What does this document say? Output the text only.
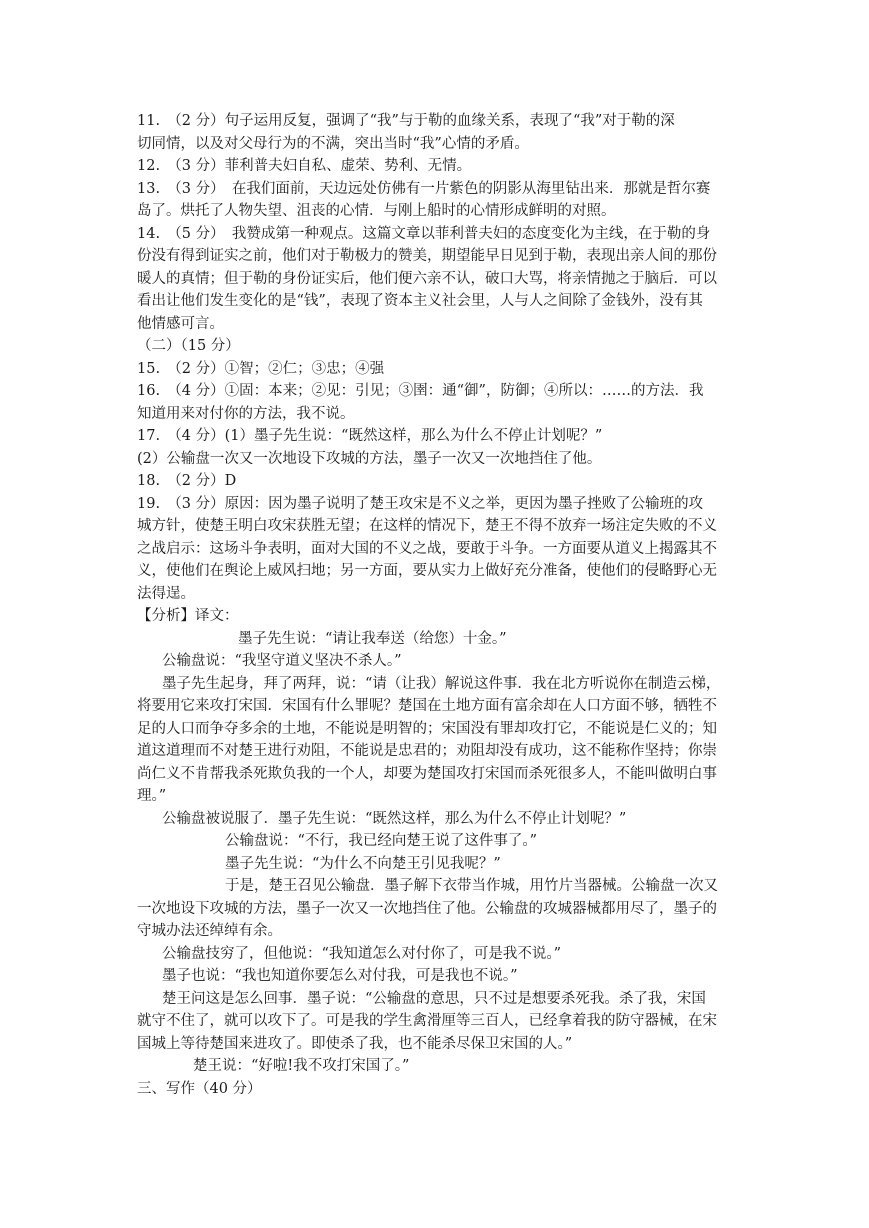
11.　（2 分）句子运用反复，强调了“我”与于勒的血缘关系，表现了“我”对于勒的深
切同情，以及对父母行为的不满，突出当时“我”心情的矛盾。
12.　（3 分）菲利普夫妇自私、虚荣、势利、无情。
13.　（3 分）　在我们面前，天边远处仿佛有一片紫色的阴影从海里钻出来．那就是哲尔赛
岛了。烘托了人物失望、沮丧的心情．与刚上船时的心情形成鲜明的对照。
14.　（5 分）　我赞成第一种观点。这篇文章以菲利普夫妇的态度变化为主线，在于勒的身
份没有得到证实之前，他们对于勒极力的赞美，期望能早日见到于勒，表现出亲人间的那份
暖人的真情；但于勒的身份证实后，他们便六亲不认，破口大骂，将亲情抛之于脑后．可以
看出让他们发生变化的是“钱”，表现了资本主义社会里，人与人之间除了金钱外，没有其
他情感可言。
（二）（15 分）
15.　（2 分）①智；②仁；③忠；④强
16.　（4 分）①固：本来；②见：引见；③圉：通“御”，防御；④所以：……的方法．我
知道用来对付你的方法，我不说。
17.　（4 分）(1）墨子先生说：“既然这样，那么为什么不停止计划呢？”
(2）公输盘一次又一次地设下攻城的方法，墨子一次又一次地挡住了他。
18.　（2 分）D
19.　（3 分）原因：因为墨子说明了楚王攻宋是不义之举，更因为墨子挫败了公输班的攻
城方针，使楚王明白攻宋获胜无望；在这样的情况下，楚王不得不放弃一场注定失败的不义
之战启示：这场斗争表明，面对大国的不义之战，要敢于斗争。一方面要从道义上揭露其不
义，使他们在舆论上威风扫地；另一方面，要从实力上做好充分准备，使他们的侵略野心无
法得逞。
【分析】译文：
墨子先生说：“请让我奉送（给您）十金。”
公输盘说：“我坚守道义坚决不杀人。”
墨子先生起身，拜了两拜，说：“请（让我）解说这件事．我在北方听说你在制造云梯，
将要用它来攻打宋国．宋国有什么罪呢？楚国在土地方面有富余却在人口方面不够，牺牲不
足的人口而争夺多余的土地，不能说是明智的；宋国没有罪却攻打它，不能说是仁义的；知
道这道理而不对楚王进行劝阻，不能说是忠君的；劝阻却没有成功，这不能称作坚持；你崇
尚仁义不肯帮我杀死欺负我的一个人，却要为楚国攻打宋国而杀死很多人，不能叫做明白事
理。”
公输盘被说服了．墨子先生说：“既然这样，那么为什么不停止计划呢？”
公输盘说：“不行，我已经向楚王说了这件事了。”
墨子先生说：“为什么不向楚王引见我呢？”
于是，楚王召见公输盘．墨子解下衣带当作城，用竹片当器械。公输盘一次又
一次地设下攻城的方法，墨子一次又一次地挡住了他。公输盘的攻城器械都用尽了，墨子的
守城办法还绰绰有余。
公输盘技穷了，但他说：“我知道怎么对付你了，可是我不说。”
墨子也说：“我也知道你要怎么对付我，可是我也不说。”
楚王问这是怎么回事．墨子说：“公输盘的意思，只不过是想要杀死我。杀了我，宋国
就守不住了，就可以攻下了。可是我的学生禽滑厘等三百人，已经拿着我的防守器械，在宋
国城上等待楚国来进攻了。即使杀了我，也不能杀尽保卫宋国的人。”
楚王说：“好啦!我不攻打宋国了。”
三、写作（40 分）
